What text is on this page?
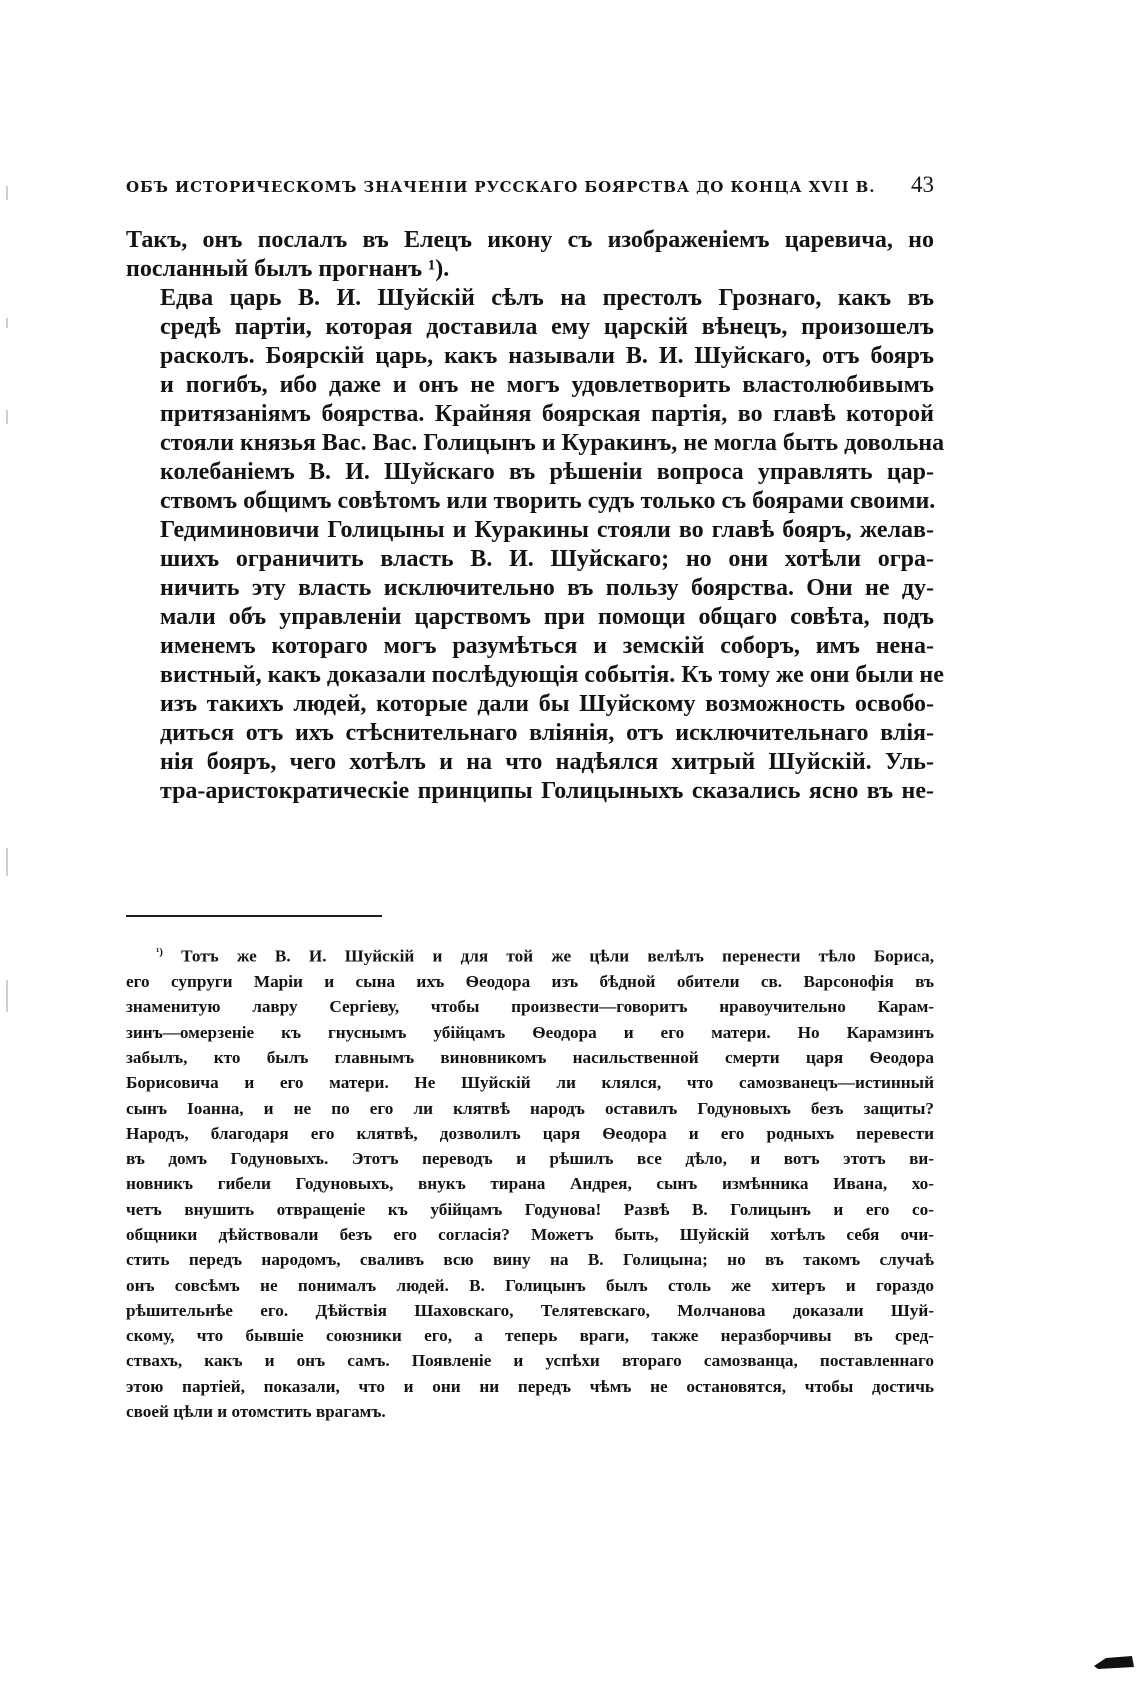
ОБЪ ИСТОРИЧЕСКОМЪ ЗНАЧЕНІИ РУССКАГО БОЯРСТВА ДО КОНЦА XVII В. 43

Такъ, онъ послалъ въ Елецъ икону съ изображеніемъ царевича, но
посланный былъ прогнанъ ¹).

Едва царь В. И. Шуйскій сѣлъ на престолъ Грознаго, какъ въ
средѣ партіи, которая доставила ему царскій вѣнецъ, произошелъ
расколъ. Боярскій царь, какъ называли В. И. Шуйскаго, отъ бояръ
и погибъ, ибо даже и онъ не могъ удовлетворить властолюбивымъ
притязаніямъ боярства. Крайняя боярская партія, во главѣ которой
стояли князья Вас. Вас. Голицынъ и Куракинъ, не могла быть довольна
колебаніемъ В. И. Шуйскаго въ рѣшеніи вопроса управлять цар-
ствомъ общимъ совѣтомъ или творить судъ только съ боярами своими.
Гедиминовичи Голицыны и Куракины стояли во главѣ бояръ, желав-
шихъ ограничить власть В. И. Шуйскаго; но они хотѣли огра-
ничить эту власть исключительно въ пользу боярства. Они не ду-
мали объ управленіи царствомъ при помощи общаго совѣта, подъ
именемъ котораго могъ разумѣться и земскій соборъ, имъ нена-
вистный, какъ доказали послѣдующія событія. Къ тому же они были не
изъ такихъ людей, которые дали бы Шуйскому возможность освобо-
диться отъ ихъ стѣснительнаго вліянія, отъ исключительнаго влія-
нія бояръ, чего хотѣлъ и на что надѣялся хитрый Шуйскій. Уль-
тра-аристократическіе принципы Голицыныхъ сказались ясно въ не-

$^{^1)}$ Тотъ же В. И. Шуйскій и для той же цѣли велѣлъ перенести тѣло Бориса,
его супруги Маріи и сына ихъ Ѳеодора изъ бѣдной обители св. Варсонофія въ
знаменитую лавру Сергіеву, чтобы произвести—говоритъ нравоучительно Карам-
зинъ—омерзеніе къ гнуснымъ убійцамъ Ѳеодора и его матери. Но Карамзинъ
забылъ, кто былъ главнымъ виновникомъ насильственной смерти царя Ѳеодора
Борисовича и его матери. Не Шуйскій ли клялся, что самозванецъ—истинный
сынъ Іоанна, и не по его ли клятвѣ народъ оставилъ Годуновыхъ безъ защиты?
Народъ, благодаря его клятвѣ, дозволилъ царя Ѳеодора и его родныхъ перевести
въ домъ Годуновыхъ. Этотъ переводъ и рѣшилъ все дѣло, и вотъ этотъ ви-
новникъ гибели Годуновыхъ, внукъ тирана Андрея, сынъ измѣнника Ивана, хо-
четъ внушить отвращеніе къ убійцамъ Годунова! Развѣ В. Голицынъ и его со-
общники дѣйствовали безъ его согласія? Можетъ быть, Шуйскій хотѣлъ себя очи-
стить передъ народомъ, сваливъ всю вину на В. Голицына; но въ такомъ случаѣ
онъ совсѣмъ не понималъ людей. В. Голицынъ былъ столь же хитеръ и гораздо
рѣшительнѣе его. Дѣйствія Шаховскаго, Телятевскаго, Молчанова доказали Шуй-
скому, что бывшіе союзники его, а теперь враги, также неразборчивы въ сред-
ствахъ, какъ и онъ самъ. Появленіе и успѣхи втораго самозванца, поставленнаго
этою партіей, показали, что и они ни передъ чѣмъ не остановятся, чтобы достичь
своей цѣли и отомстить врагамъ.
